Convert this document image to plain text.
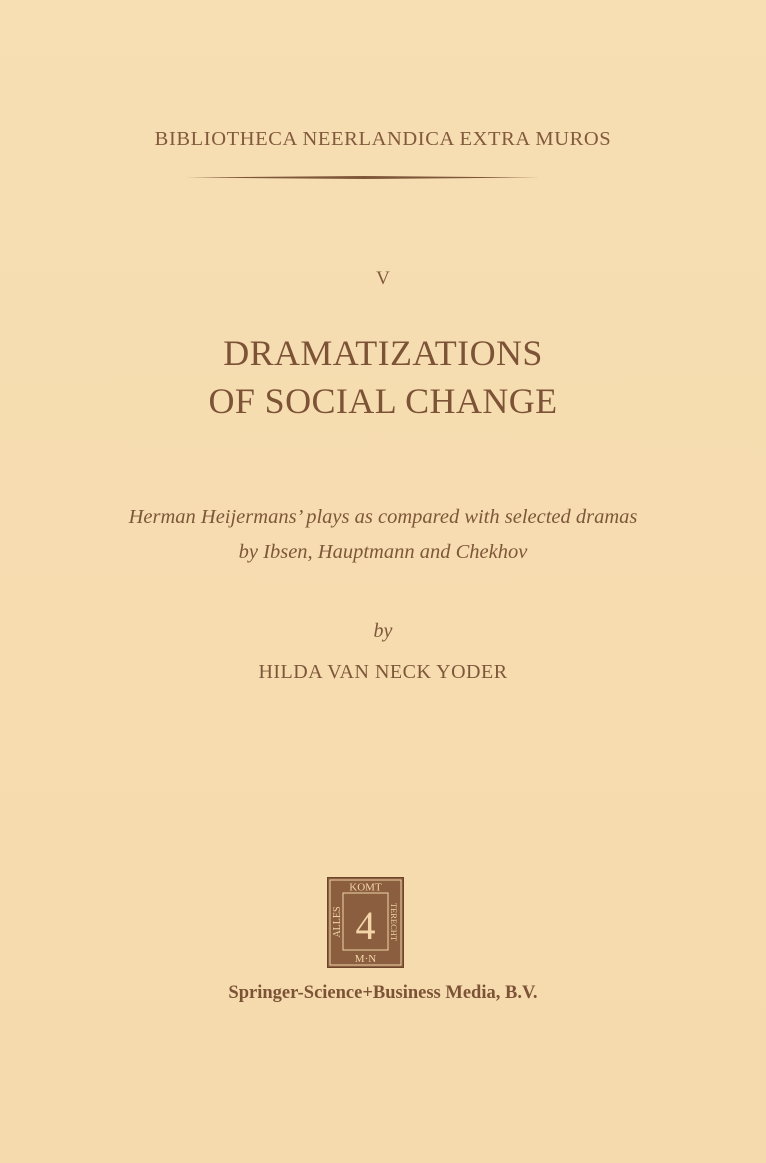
BIBLIOTHECA NEERLANDICA EXTRA MUROS
V
DRAMATIZATIONS
OF SOCIAL CHANGE
Herman Heijermans’ plays as compared with selected dramas
by Ibsen, Hauptmann and Chekhov
by
HILDA VAN NECK YODER
KOMT
M·N
ALLES	TERECHT
4
Springer-Science+Business Media, B.V.
